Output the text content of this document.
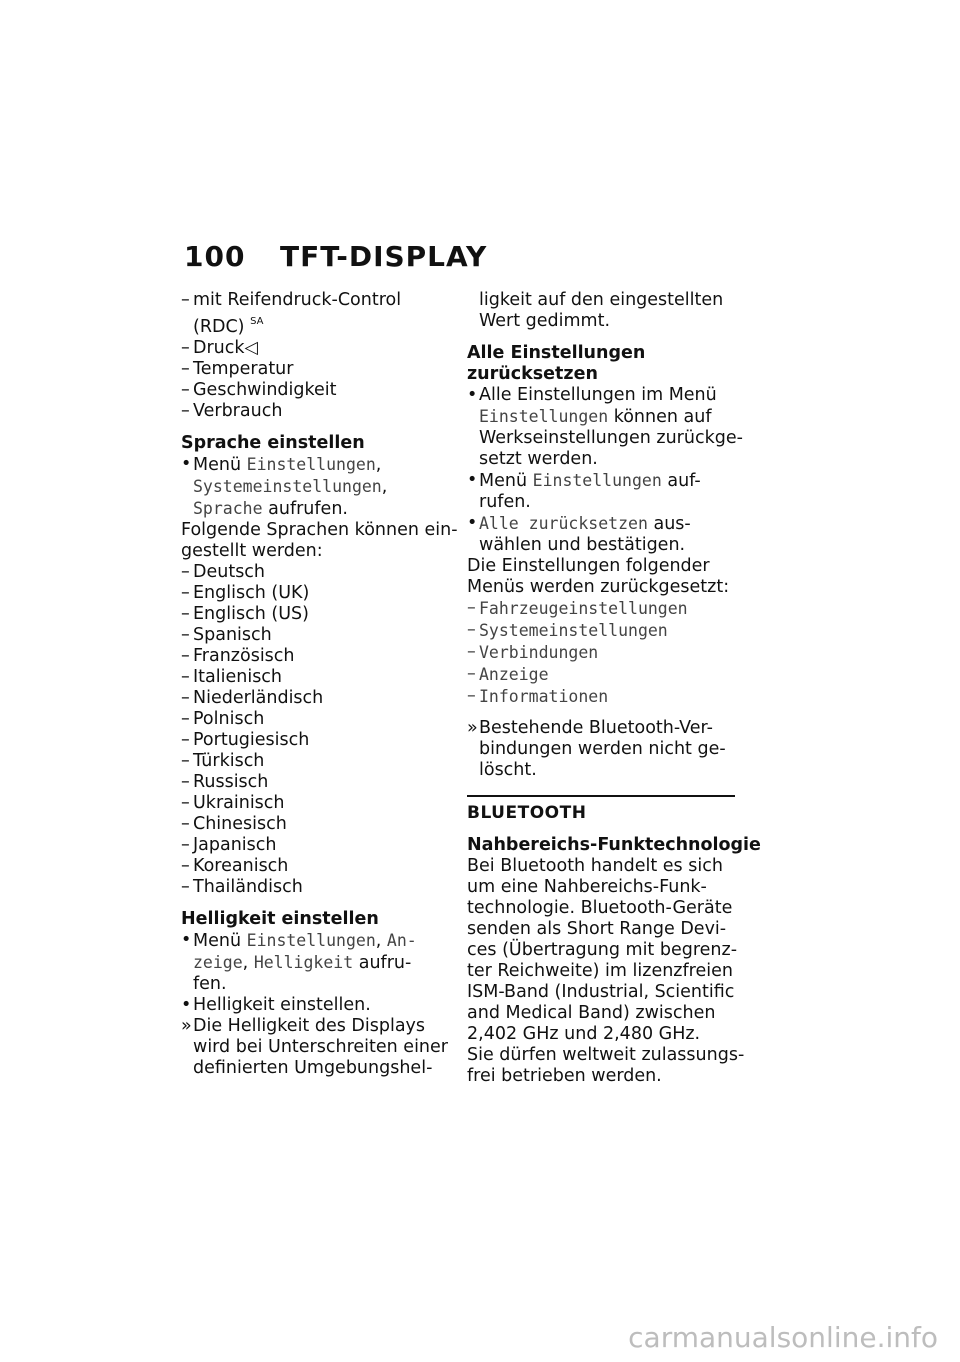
100 TFT-DISPLAY
– mit Reifendruck-Control
(RDC) $^{SA}$
– Druck◁
– Temperatur
– Geschwindigkeit
– Verbrauch
Sprache einstellen
• Menü Einstellungen,
Systemeinstellungen,
Sprache aufrufen.
Folgende Sprachen können ein-
gestellt werden:
– Deutsch
– Englisch (UK)
– Englisch (US)
– Spanisch
– Französisch
– Italienisch
– Niederländisch
– Polnisch
– Portugiesisch
– Türkisch
– Russisch
– Ukrainisch
– Chinesisch
– Japanisch
– Koreanisch
– Thailändisch
Helligkeit einstellen
• Menü Einstellungen, An-
zeige, Helligkeit aufru-
fen.
• Helligkeit einstellen.
» Die Helligkeit des Displays
wird bei Unterschreiten einer
definierten Umgebungshel-
ligkeit auf den eingestellten
Wert gedimmt.
Alle Einstellungen
zurücksetzen
• Alle Einstellungen im Menü
Einstellungen können auf
Werkseinstellungen zurückge-
setzt werden.
• Menü Einstellungen auf-
rufen.
• Alle zurücksetzen aus-
wählen und bestätigen.
Die Einstellungen folgender
Menüs werden zurückgesetzt:
– Fahrzeugeinstellungen
– Systemeinstellungen
– Verbindungen
– Anzeige
– Informationen
» Bestehende Bluetooth-Ver-
bindungen werden nicht ge-
löscht.
BLUETOOTH
Nahbereichs-Funktechnologie
Bei Bluetooth handelt es sich
um eine Nahbereichs-Funk-
technologie. Bluetooth-Geräte
senden als Short Range Devi-
ces (Übertragung mit begrenz-
ter Reichweite) im lizenzfreien
ISM-Band (Industrial, Scientific
and Medical Band) zwischen
2,402 GHz und 2,480 GHz.
Sie dürfen weltweit zulassungs-
frei betrieben werden.
carmanualsonline.info
